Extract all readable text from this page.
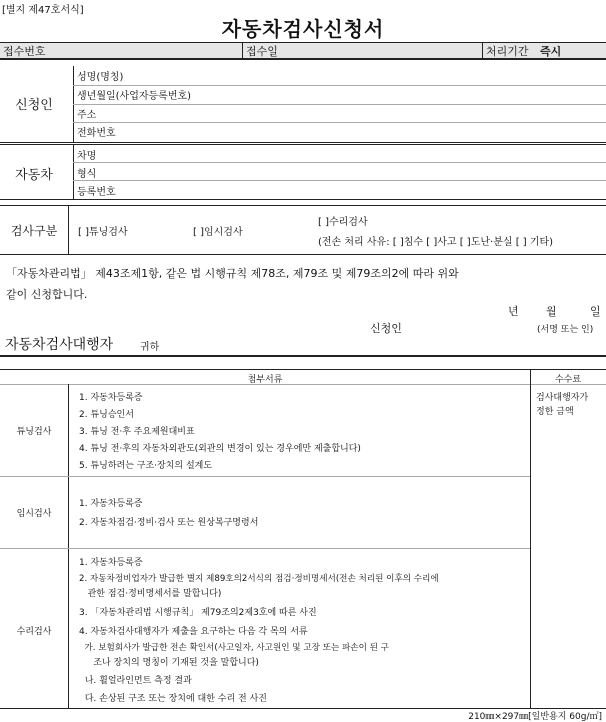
[별지 제47호서식]
자동차검사신청서
접수번호	접수일	처리기간 즉시
신청인
성명(명칭)
생년월일(사업자등록번호)
주소
전화번호
자동차
차명
형식
등록번호
검사구분	[ ]튜닝검사	[ ]임시검사
[ ]수리검사
(전손 처리 사유: [ ]침수 [ ]사고 [ ]도난·분실 [ ] 기타)
「자동차관리법」 제43조제1항, 같은 법 시행규칙 제78조, 제79조 및 제79조의2에 따라 위와
같이 신청합니다.
년 월	일
신청인	(서명 또는 인)
자동차검사대행자	귀하
첨부서류	수수료
검사대행자가
정한 금액
튜닝검사
1. 자동차등록증
2. 튜닝승인서
3. 튜닝 전·후 주요제원대비표
4. 튜닝 전·후의 자동차외관도(외관의 변경이 있는 경우에만 제출합니다)
5. 튜닝하려는 구조·장치의 설계도
임시검사
1. 자동차등록증
2. 자동차점검·정비·검사 또는 원상복구명령서
수리검사
1. 자동차등록증
2. 자동차정비업자가 발급한 별지 제89호의2서식의 점검·정비명세서(전손 처리된 이후의 수리에
관한 점검·정비명세서를 말합니다)
3. 「자동차관리법 시행규칙」 제79조의2제3호에 따른 사진
4. 자동차검사대행자가 제출을 요구하는 다음 각 목의 서류
가. 보험회사가 발급한 전손 확인서(사고일자, 사고원인 및 고장 또는 파손이 된 구
조나 장치의 명칭이 기재된 것을 말합니다)
나. 휠얼라인먼트 측정 결과
다. 손상된 구조 또는 장치에 대한 수리 전 사진
210㎜×297㎜[일반용지 60g/㎡]
